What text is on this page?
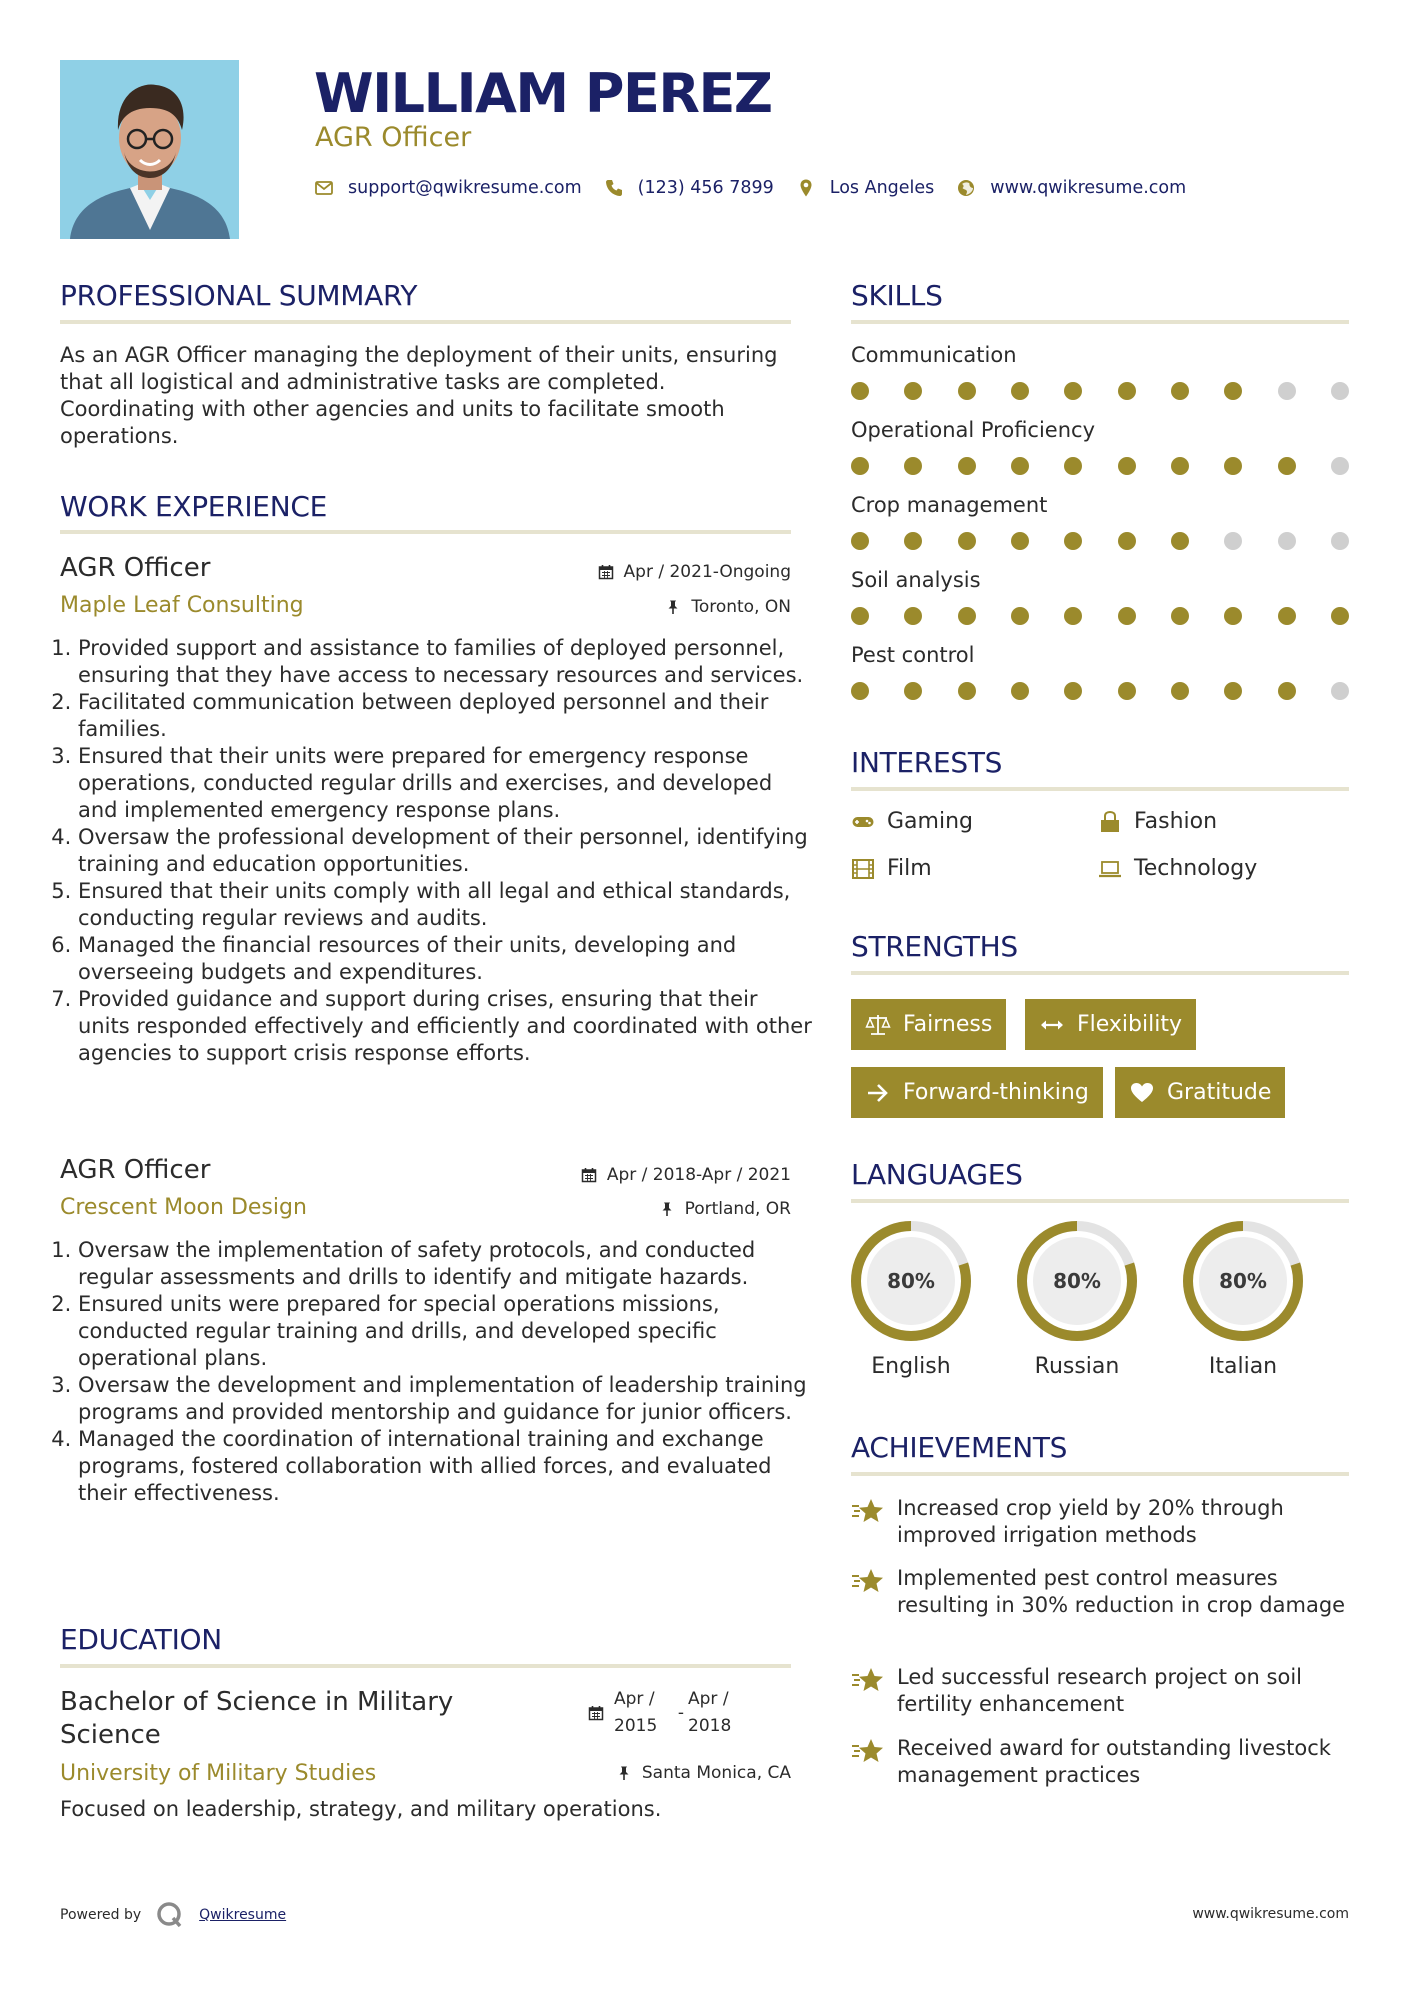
WILLIAM PEREZ
AGR Officer
support@qwikresume.com	(123) 456 7899	Los Angeles	www.qwikresume.com
PROFESSIONAL SUMMARY

As an AGR Officer managing the deployment of their units, ensuring that all logistical and administrative tasks are completed. Coordinating with other agencies and units to facilitate smooth operations.

WORK EXPERIENCE
AGR Officer
Maple Leaf Consulting
Apr / 2021-Ongoing
Toronto, ON
1. Provided support and assistance to families of deployed personnel, ensuring that they have access to necessary resources and services.
2. Facilitated communication between deployed personnel and their families.
3. Ensured that their units were prepared for emergency response operations, conducted regular drills and exercises, and developed and implemented emergency response plans.
4. Oversaw the professional development of their personnel, identifying training and education opportunities.
5. Ensured that their units comply with all legal and ethical standards, conducting regular reviews and audits.
6. Managed the financial resources of their units, developing and overseeing budgets and expenditures.
7. Provided guidance and support during crises, ensuring that their units responded effectively and efficiently and coordinated with other agencies to support crisis response efforts.
AGR Officer
Crescent Moon Design
Apr / 2018-Apr / 2021
Portland, OR
1. Oversaw the implementation of safety protocols, and conducted regular assessments and drills to identify and mitigate hazards.
2. Ensured units were prepared for special operations missions, conducted regular training and drills, and developed specific operational plans.
3. Oversaw the development and implementation of leadership training programs and provided mentorship and guidance for junior officers.
4. Managed the coordination of international training and exchange programs, fostered collaboration with allied forces, and evaluated their effectiveness.
EDUCATION
Bachelor of Science in Military Science
Apr / 2015
-
Apr / 2018
University of Military Studies	Santa Monica, CA
Focused on leadership, strategy, and military operations.
SKILLS
Communication
Operational Proficiency
Crop management
Soil analysis
Pest control
INTERESTS
Gaming	Fashion
Film	Technology
STRENGTHS
Fairness	Flexibility
Forward-thinking	Gratitude
LANGUAGES
80%
English
80%
Russian
80%
Italian
ACHIEVEMENTS
Increased crop yield by 20% through improved irrigation methods
Implemented pest control measures resulting in 30% reduction in crop damage
Led successful research project on soil fertility enhancement
Received award for outstanding livestock management practices
Powered by	Qwikresume	www.qwikresume.com
